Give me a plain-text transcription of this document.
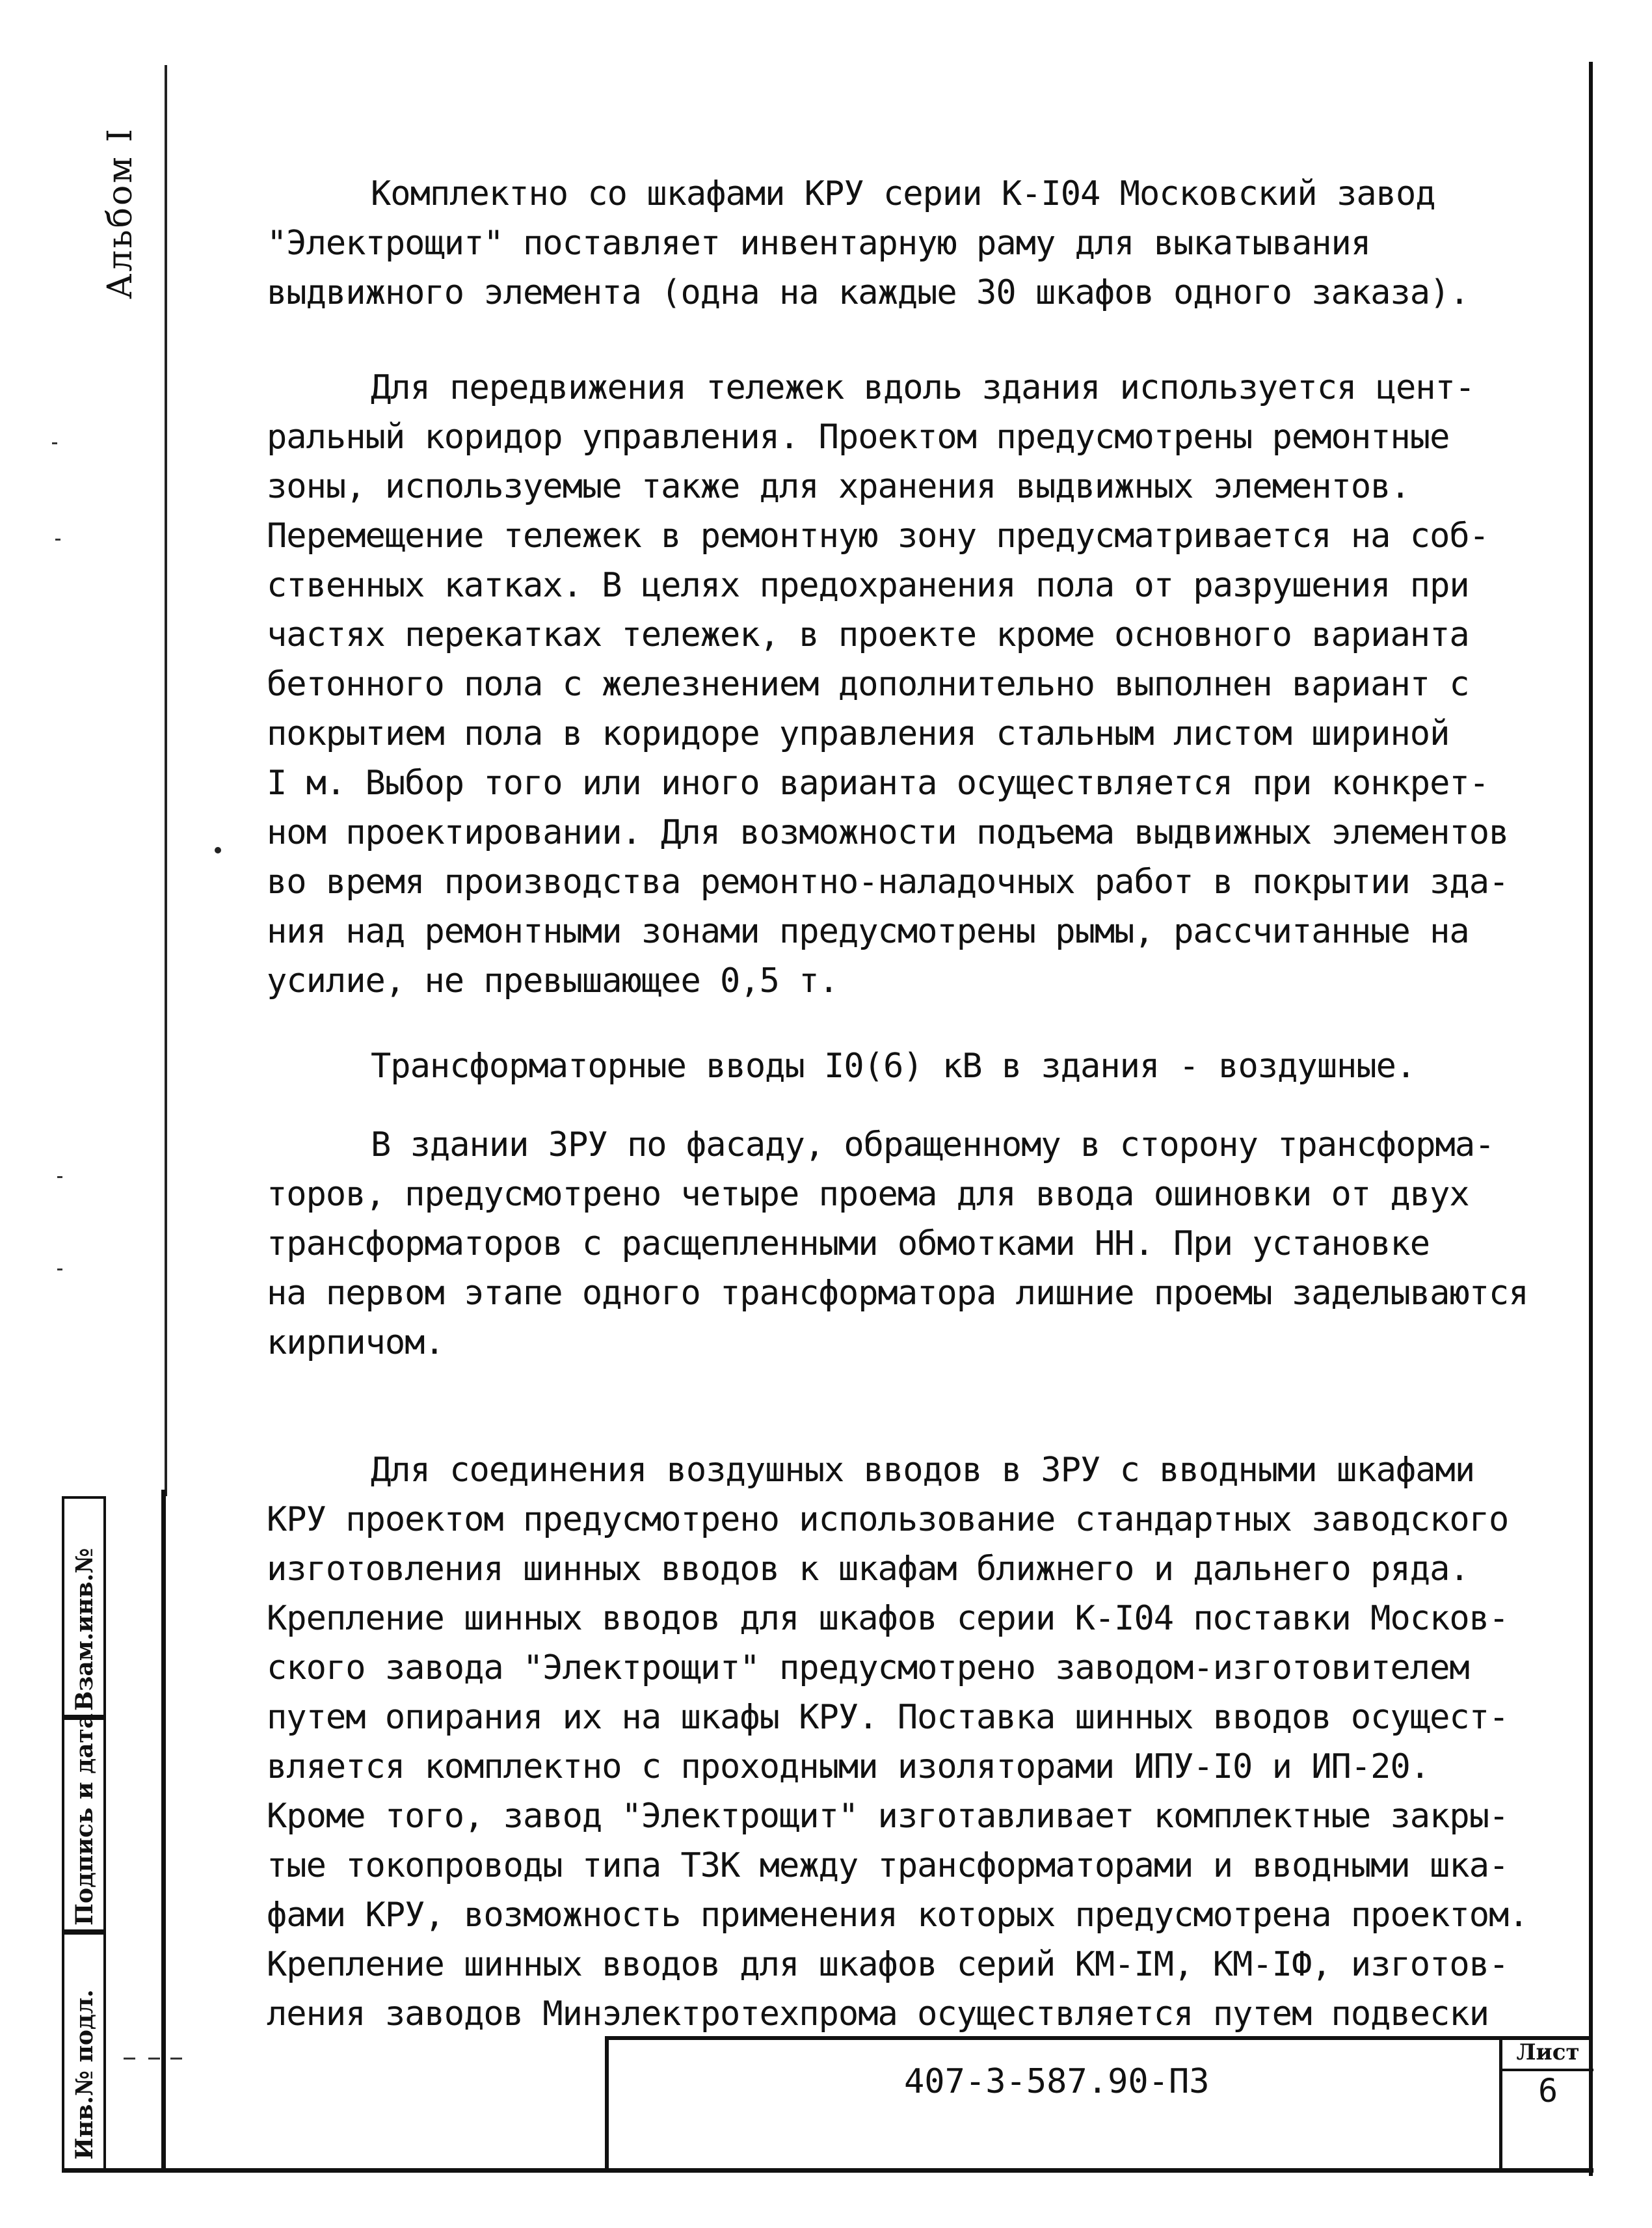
Альбом I
Взам.инв.№
Подпись и дата
Инв.№ подл.

Комплектно со шкафами КРУ серии К-I04 Московский завод

"Электрощит" поставляет инвентарную раму для выкатывания

выдвижного элемента (одна на каждые 30 шкафов одного заказа).

Для передвижения тележек вдоль здания используется цент-

ральный коридор управления. Проектом предусмотрены ремонтные

зоны, используемые также для хранения выдвижных элементов.

Перемещение тележек в ремонтную зону предусматривается на соб-

ственных катках. В целях предохранения пола от разрушения при

частях перекатках тележек, в проекте кроме основного варианта

бетонного пола с железнением дополнительно выполнен вариант с

покрытием пола в коридоре управления стальным листом шириной

I м. Выбор того или иного варианта осуществляется при конкрет-

ном проектировании. Для возможности подъема выдвижных элементов

во время производства ремонтно-наладочных работ в покрытии зда-

ния над ремонтными зонами предусмотрены рымы, рассчитанные на

усилие, не превышающее 0,5 т.

Трансформаторные вводы I0(6) кВ в здания - воздушные.

В здании ЗРУ по фасаду, обращенному в сторону трансформа-

торов, предусмотрено четыре проема для ввода ошиновки от двух

трансформаторов с расщепленными обмотками НН. При установке

на первом этапе одного трансформатора лишние проемы заделываются

кирпичом.

Для соединения воздушных вводов в ЗРУ с вводными шкафами

КРУ проектом предусмотрено использование стандартных заводского

изготовления шинных вводов к шкафам ближнего и дальнего ряда.

Крепление шинных вводов для шкафов серии К-I04 поставки Москов-

ского завода "Электрощит" предусмотрено заводом-изготовителем

путем опирания их на шкафы КРУ. Поставка шинных вводов осущест-

вляется комплектно с проходными изоляторами ИПУ-I0 и ИП-20.

Кроме того, завод "Электрощит" изготавливает комплектные закры-

тые токопроводы типа ТЗК между трансформаторами и вводными шка-

фами КРУ, возможность применения которых предусмотрена проектом.

Крепление шинных вводов для шкафов серий КМ-IМ, КМ-IФ, изготов-

ления заводов Минэлектротехпрома осуществляется путем подвески

407-3-587.90-ПЗ
Лист
6
